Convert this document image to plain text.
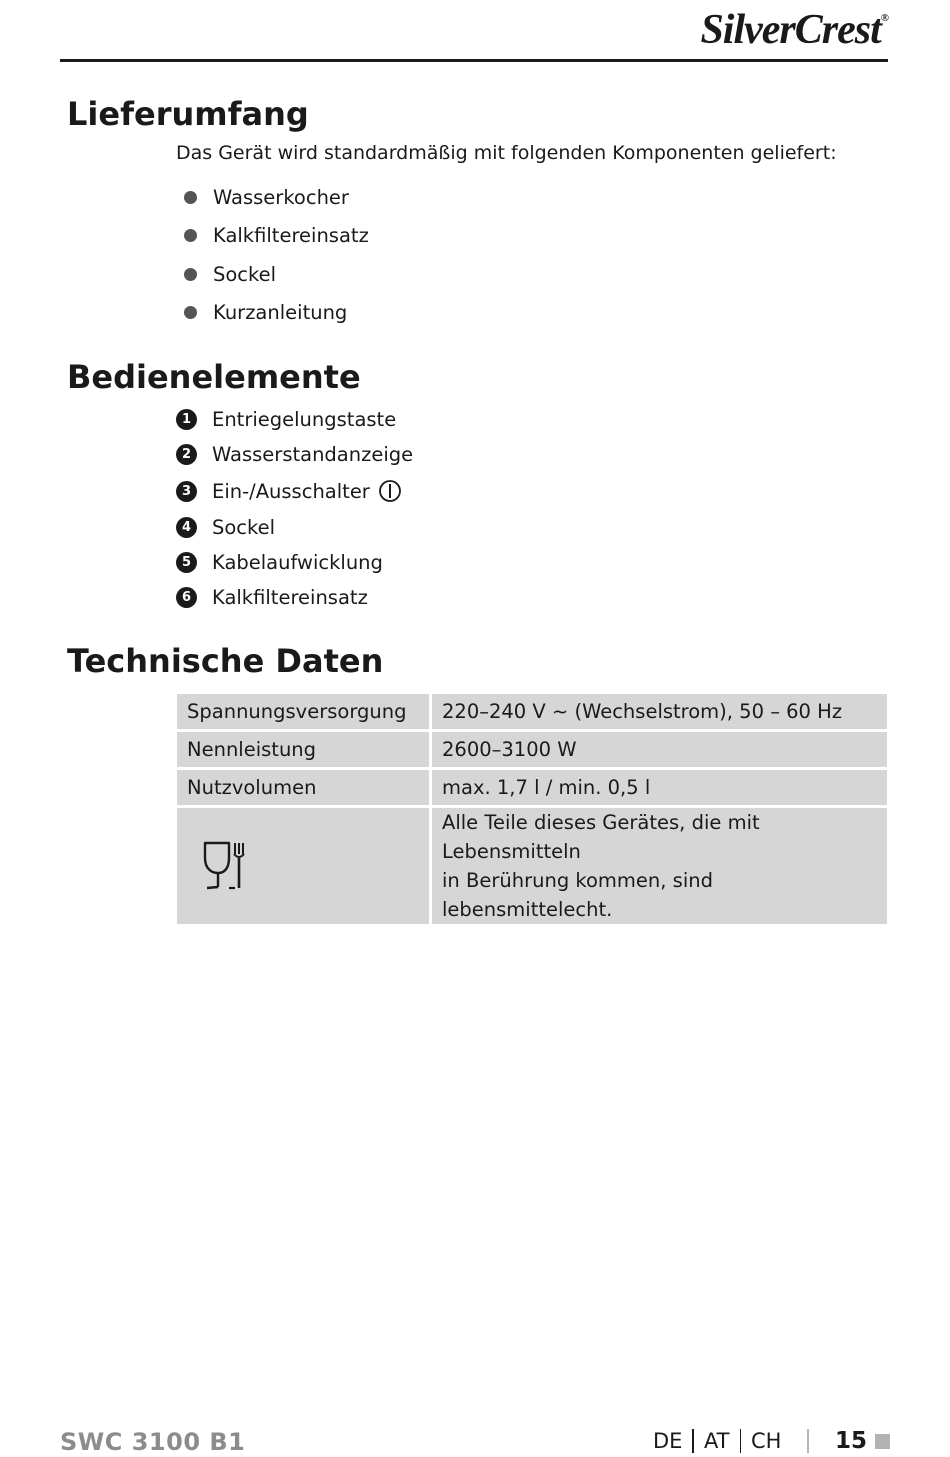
SilverCrest®
Lieferumfang
Das Gerät wird standardmäßig mit folgenden Komponenten geliefert:
Wasserkocher
Kalkfiltereinsatz
Sockel
Kurzanleitung
Bedienelemente
1	Entriegelungstaste
2	Wasserstandanzeige
3	Ein-/Ausschalter
4	Sockel
5	Kabelaufwicklung
6	Kalkfiltereinsatz
Technische Daten
Spannungsversorgung	220–240 V ~ (Wechselstrom), 50 – 60 Hz
Nennleistung	2600–3100 W
Nutzvolumen	max. 1,7 l / min. 0,5 l

Alle Teile dieses Gerätes, die mit Lebensmitteln
in Berührung kommen, sind lebensmittelecht.
SWC 3100 B1	DE AT CH 15
